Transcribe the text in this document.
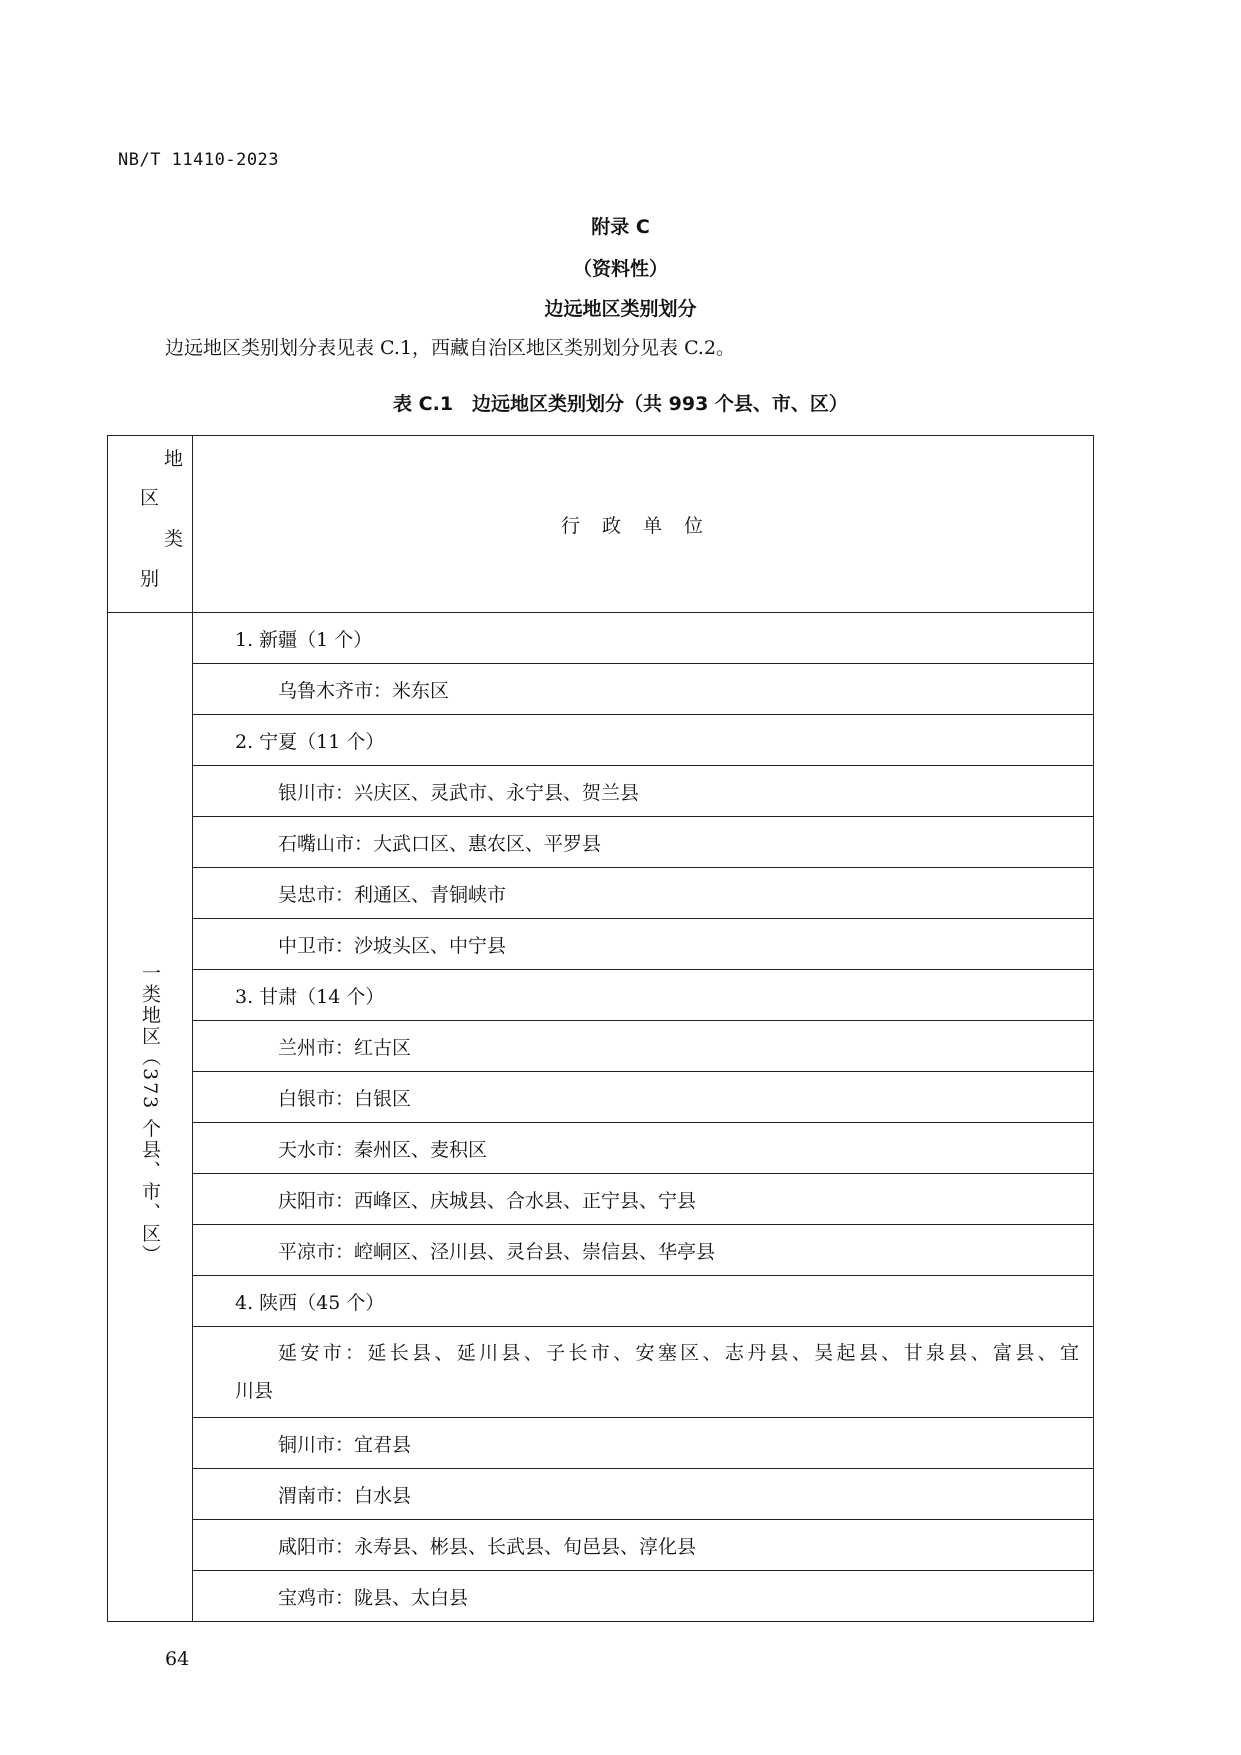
NB/T 11410-2023
附录 C
（资料性）
边远地区类别划分
边远地区类别划分表见表 C.1，西藏自治区地区类别划分见表 C.2。
表 C.1　边远地区类别划分（共 993 个县、市、区）
地
区
类
别	行政单位
一类地区（373 个县、市、区）	1. 新疆（1 个）
	乌鲁木齐市：米东区
	2. 宁夏（11 个）
	银川市：兴庆区、灵武市、永宁县、贺兰县
	石嘴山市：大武口区、惠农区、平罗县
	吴忠市：利通区、青铜峡市
	中卫市：沙坡头区、中宁县
	3. 甘肃（14 个）
	兰州市：红古区
	白银市：白银区
	天水市：秦州区、麦积区
	庆阳市：西峰区、庆城县、合水县、正宁县、宁县
	平凉市：崆峒区、泾川县、灵台县、崇信县、华亭县
	4. 陕西（45 个）

	延安市：延长县、延川县、子长市、安塞区、志丹县、吴起县、甘泉县、富县、宜
川县

	铜川市：宜君县
	渭南市：白水县
	咸阳市：永寿县、彬县、长武县、旬邑县、淳化县
	宝鸡市：陇县、太白县
64
